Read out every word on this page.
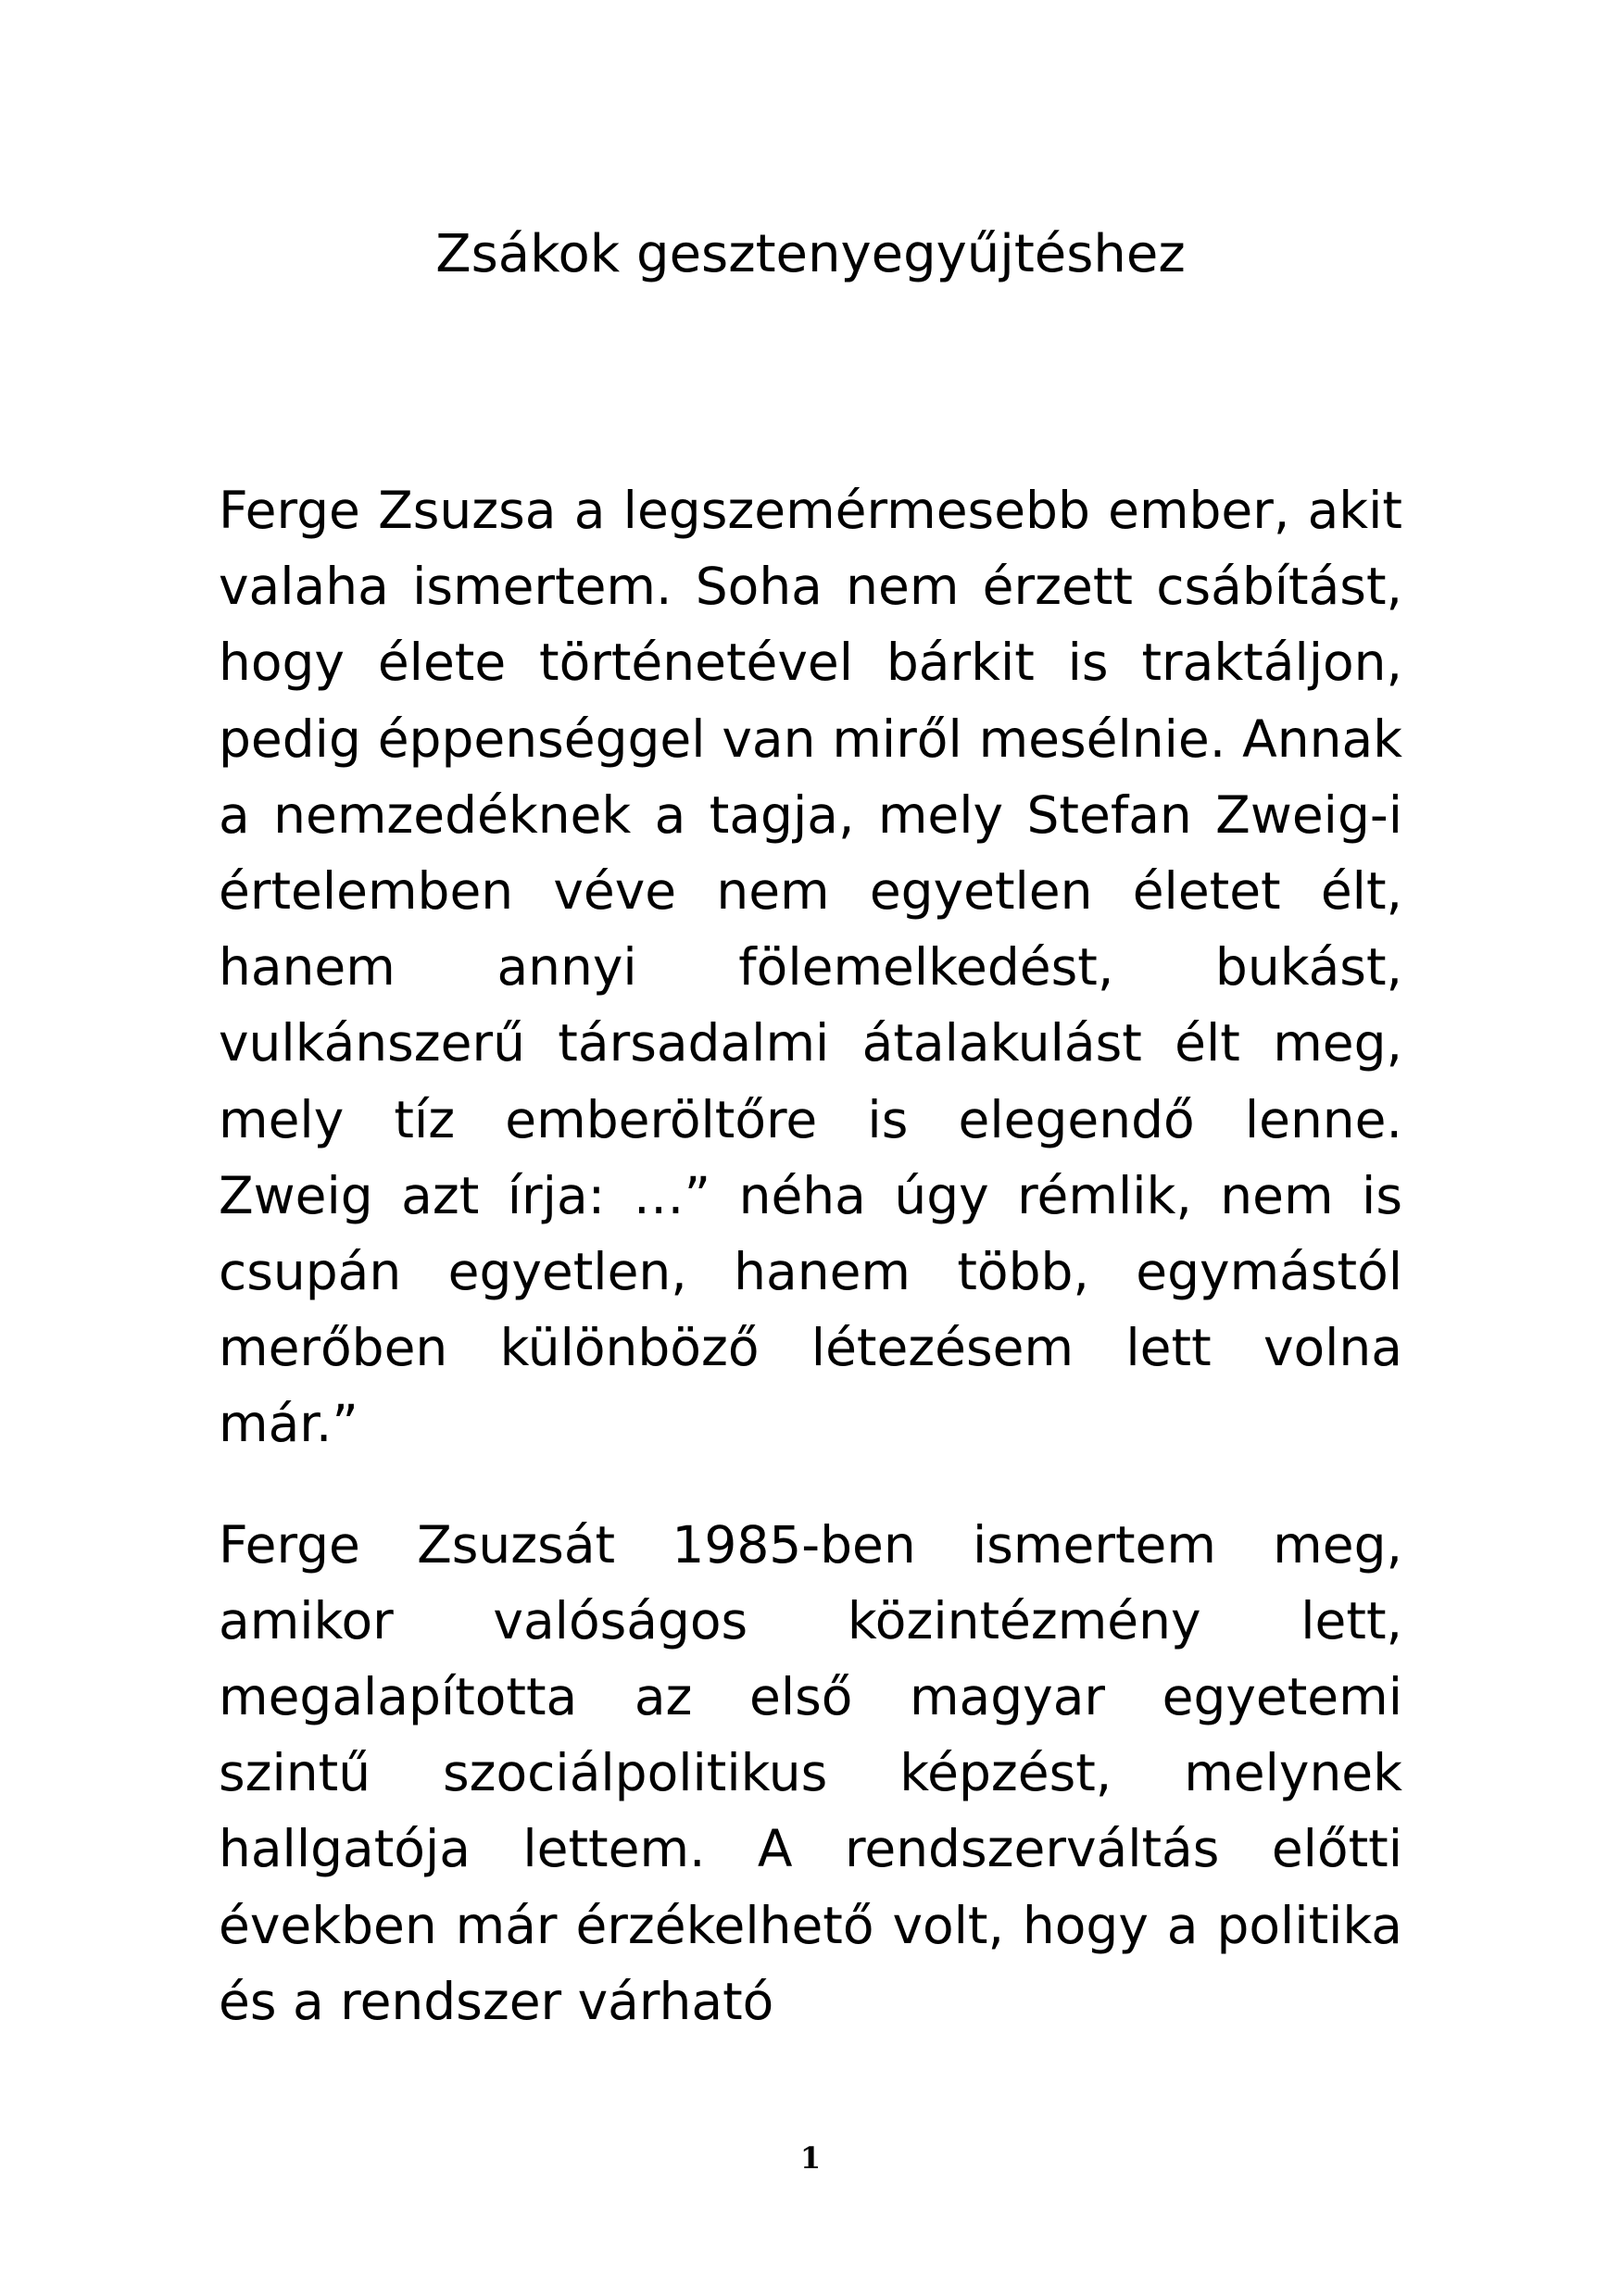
Zsákok gesztenyegyűjtéshez

Ferge Zsuzsa a legszemérmesebb ember, akit valaha ismertem. Soha nem érzett csábítást, hogy élete történetével bárkit is traktáljon, pedig éppenséggel van miről mesélnie. Annak a nemzedéknek a tagja, mely Stefan Zweig-i értelemben véve nem egyetlen életet élt, hanem annyi fölemelkedést, bukást, vulkánszerű társadalmi átalakulást élt meg, mely tíz emberöltőre is elegendő lenne. Zweig azt írja: …” néha úgy rémlik, nem is csupán egyetlen, hanem több, egymástól merőben különböző létezésem lett volna már.”

Ferge Zsuzsát 1985-ben ismertem meg, amikor valóságos közintézmény lett, megalapította az első magyar egyetemi szintű szociálpolitikus képzést, melynek hallgatója lettem. A rendszerváltás előtti években már érzékelhető volt, hogy a politika és a rendszer várható

1
